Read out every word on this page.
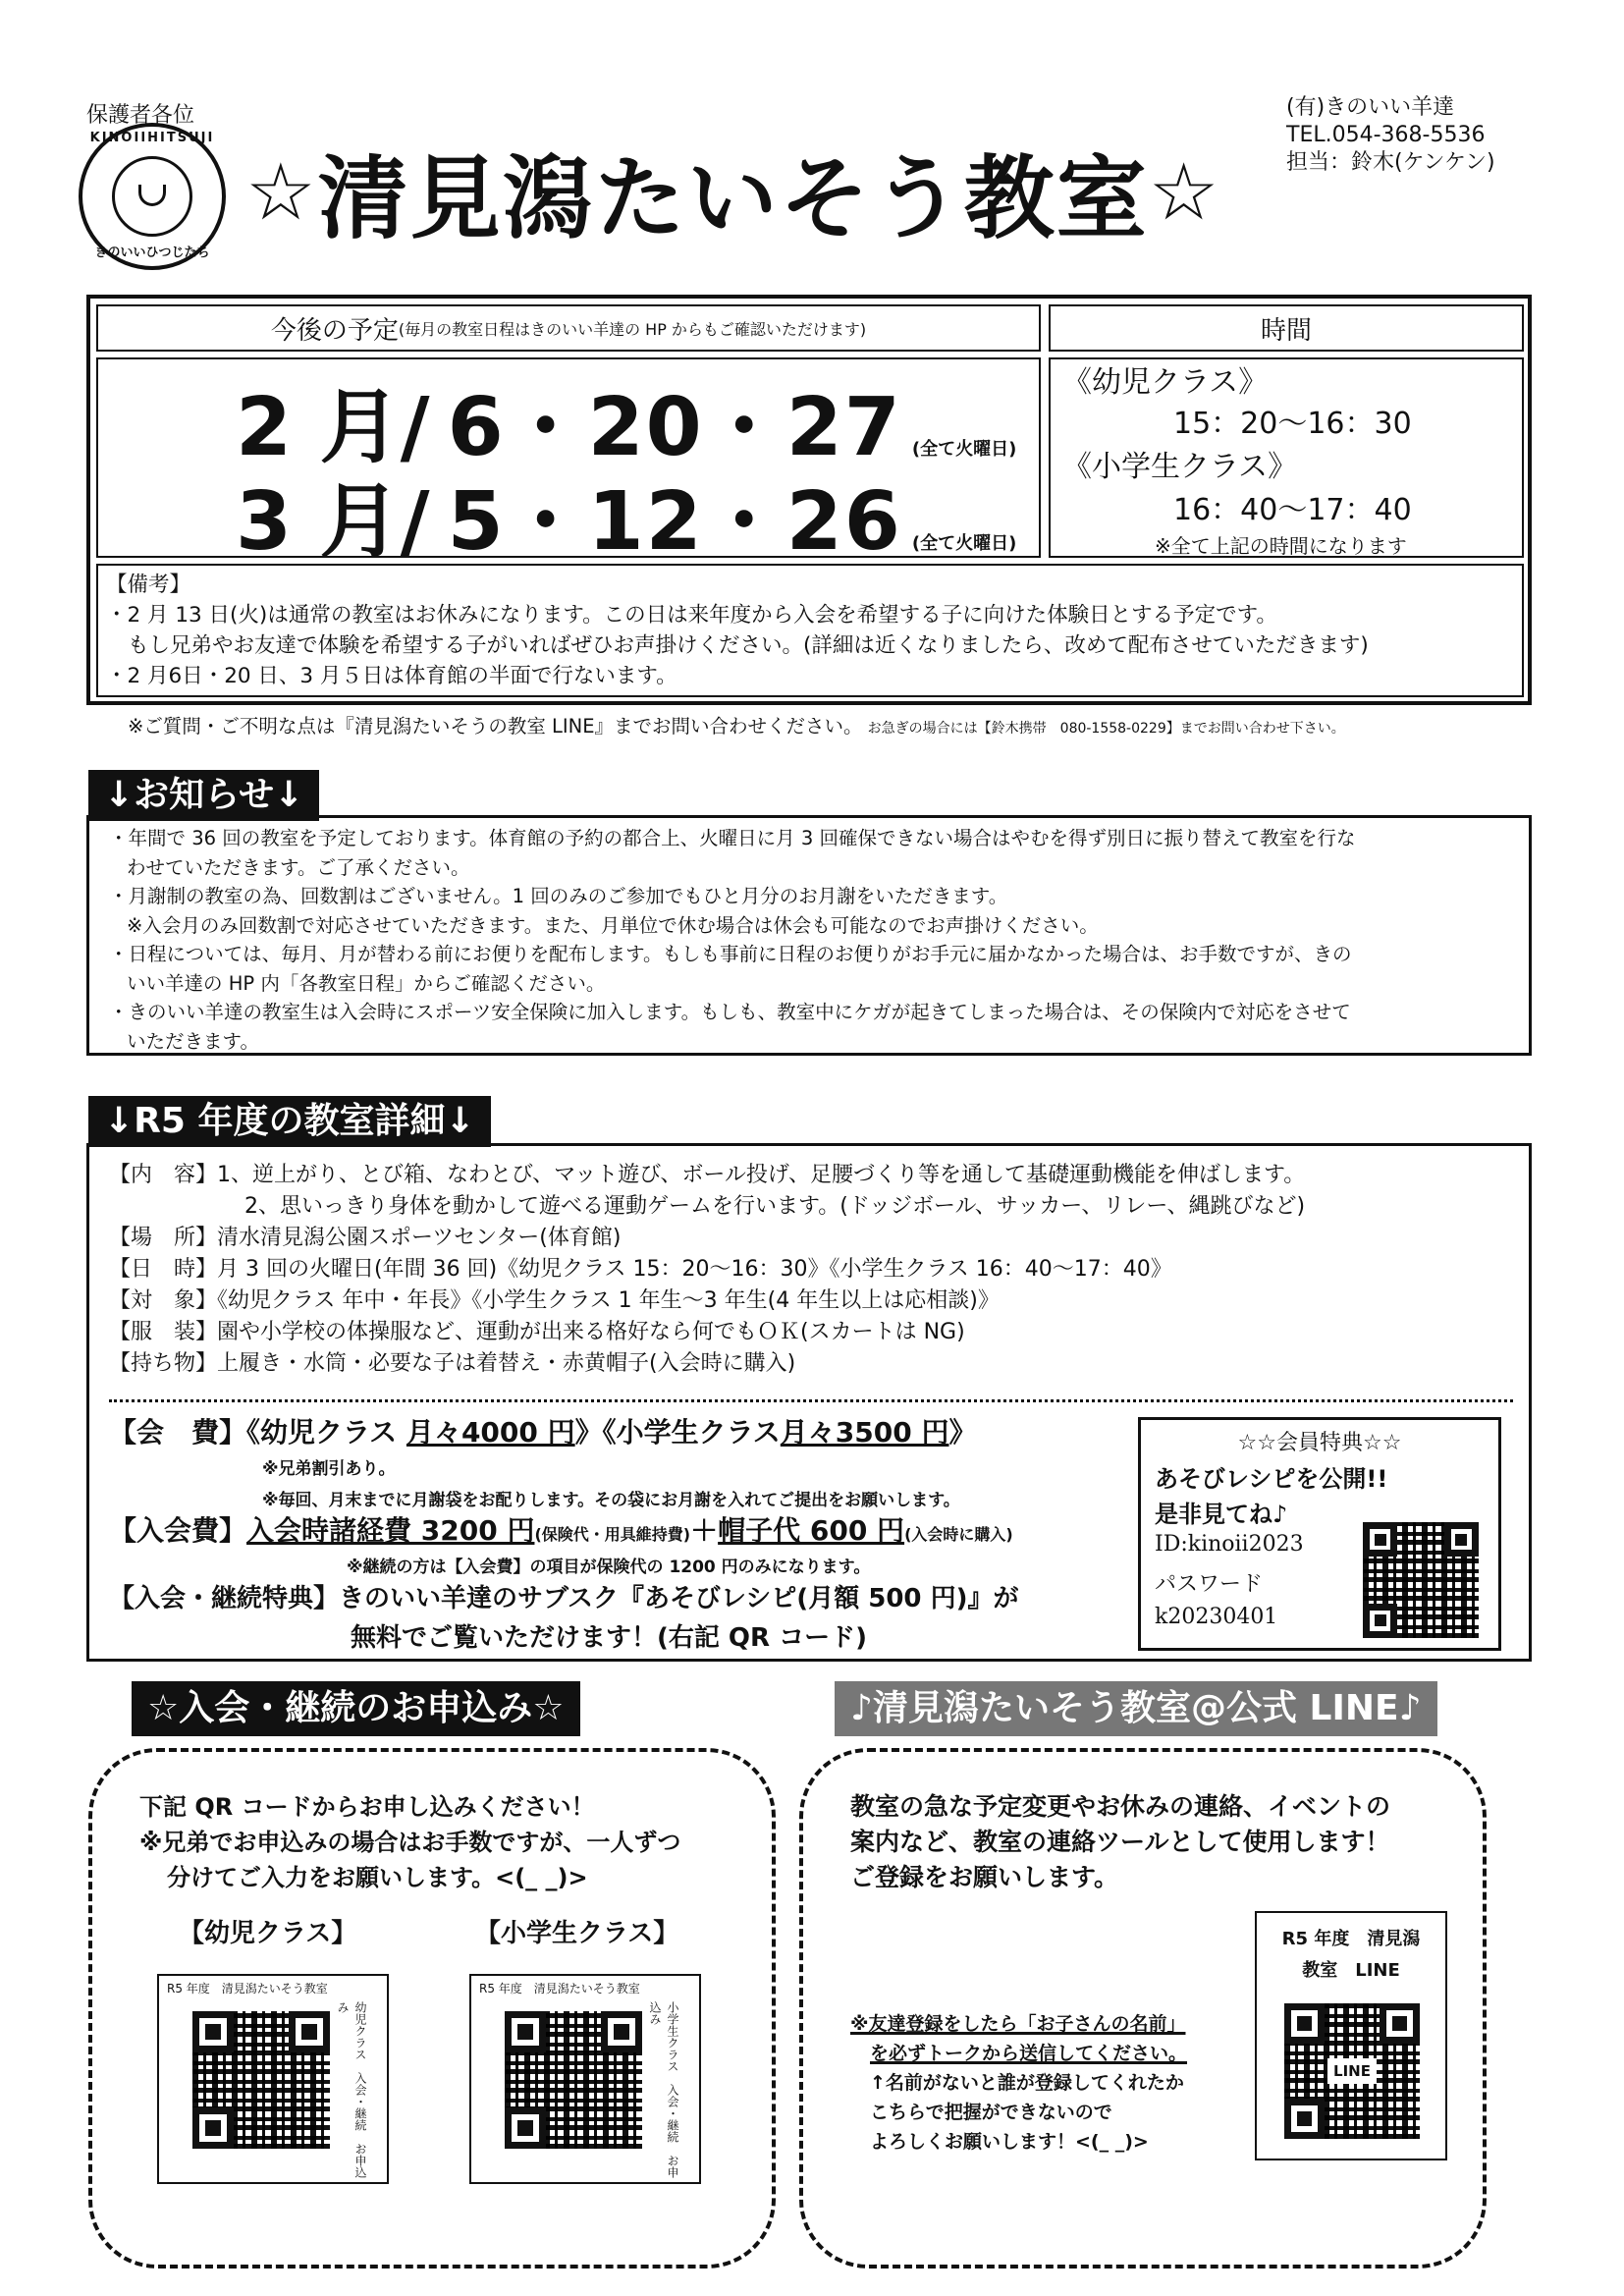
保護者各位
KINOIIHITSUJI
きのいいひつじたち
☆ 清見潟たいそう教室 ☆
(有)きのいい羊達
TEL.054-368-5536
担当：鈴木(ケンケン)
今後の予定 (毎月の教室日程はきのいい羊達の HP からもご確認いただけます)	時間
2 月/ 6・20・27 (全て火曜日)
3 月/ 5・12・26 (全て火曜日)
《幼児クラス》
15：20〜16：30
《小学生クラス》
16：40〜17：40
※全て上記の時間になります
【備考】
・2 月 13 日(火)は通常の教室はお休みになります。この日は来年度から入会を希望する子に向けた体験日とする予定です。
もし兄弟やお友達で体験を希望する子がいればぜひお声掛けください。(詳細は近くなりましたら、改めて配布させていただきます)
・2 月6日・20 日、3 月５日は体育館の半面で行ないます。
※ご質問・ご不明な点は『清見潟たいそうの教室 LINE』までお問い合わせください。 お急ぎの場合には【鈴木携帯　080-1558-0229】までお問い合わせ下さい。
↓お知らせ↓
・年間で 36 回の教室を予定しております。体育館の予約の都合上、火曜日に月 3 回確保できない場合はやむを得ず別日に振り替えて教室を行な
わせていただきます。ご了承ください。
・月謝制の教室の為、回数割はございません。1 回のみのご参加でもひと月分のお月謝をいただきます。
※入会月のみ回数割で対応させていただきます。また、月単位で休む場合は休会も可能なのでお声掛けください。
・日程については、毎月、月が替わる前にお便りを配布します。もしも事前に日程のお便りがお手元に届かなかった場合は、お手数ですが、きの
いい羊達の HP 内「各教室日程」からご確認ください。
・きのいい羊達の教室生は入会時にスポーツ安全保険に加入します。もしも、教室中にケガが起きてしまった場合は、その保険内で対応をさせて
いただきます。
↓R5 年度の教室詳細↓
【内　容】1、逆上がり、とび箱、なわとび、マット遊び、ボール投げ、足腰づくり等を通して基礎運動機能を伸ばします。
2、思いっきり身体を動かして遊べる運動ゲームを行います。(ドッジボール、サッカー、リレー、縄跳びなど)
【場　所】清水清見潟公園スポーツセンター(体育館)
【日　時】月 3 回の火曜日(年間 36 回)《幼児クラス 15：20〜16：30》《小学生クラス 16：40〜17：40》
【対　象】《幼児クラス 年中・年長》《小学生クラス 1 年生〜3 年生(4 年生以上は応相談)》
【服　装】園や小学校の体操服など、運動が出来る格好なら何でもＯＫ(スカートは NG)
【持ち物】上履き・水筒・必要な子は着替え・赤黄帽子(入会時に購入)
【会　費】《幼児クラス 月々4000 円》《小学生クラス月々3500 円》
※兄弟割引あり。
※毎回、月末までに月謝袋をお配りします。その袋にお月謝を入れてご提出をお願いします。
【入会費】 入会時諸経費 3200 円 (保険代・用具維持費) ＋ 帽子代 600 円 (入会時に購入)
※継続の方は【入会費】の項目が保険代の 1200 円のみになります。
【入会・継続特典】きのいい羊達のサブスク『あそびレシピ(月額 500 円)』が
無料でご覧いただけます！(右記 QR コード)
☆☆会員特典☆☆
あそびレシピを公開!!
是非見てね♪
ID:kinoii2023
パスワード
k20230401
☆入会・継続のお申込み☆
下記 QR コードからお申し込みください！
※兄弟でお申込みの場合はお手数ですが、一人ずつ
分けてご入力をお願いします。<(_ _)>
【幼児クラス】	【小学生クラス】
R5 年度　清見潟たいそう教室
幼児クラス　入会・継続　お申込み
R5 年度　清見潟たいそう教室
小学生クラス　入会・継続　お申込み
♪清見潟たいそう教室@公式 LINE♪
教室の急な予定変更やお休みの連絡、イベントの
案内など、教室の連絡ツールとして使用します！
ご登録をお願いします。
R5 年度　清見潟
教室　LINE
LINE
※友達登録をしたら「お子さんの名前」
を必ずトークから送信してください。
↑名前がないと誰が登録してくれたか
こちらで把握ができないので
よろしくお願いします！<(_ _)>
